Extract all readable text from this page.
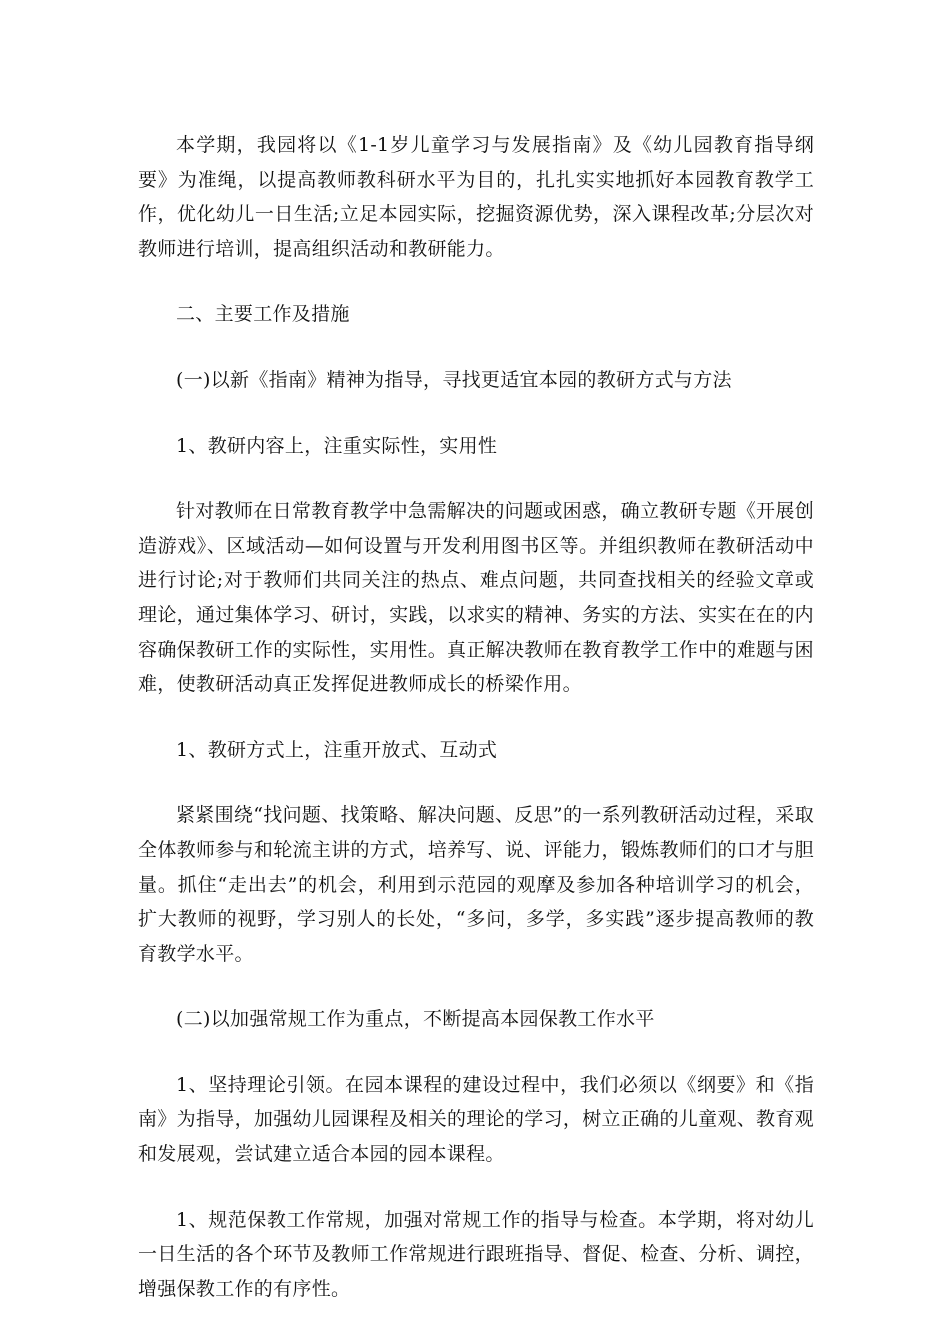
本学期，我园将以《1-1岁儿童学习与发展指南》及《幼儿园教育指导纲要》为准绳，以提高教师教科研水平为目的，扎扎实实地抓好本园教育教学工作，优化幼儿一日生活;立足本园实际，挖掘资源优势，深入课程改革;分层次对教师进行培训，提高组织活动和教研能力。

二、主要工作及措施

(一)以新《指南》精神为指导，寻找更适宜本园的教研方式与方法

1、教研内容上，注重实际性，实用性

针对教师在日常教育教学中急需解决的问题或困惑，确立教研专题《开展创造游戏》、区域活动—如何设置与开发利用图书区等。并组织教师在教研活动中进行讨论;对于教师们共同关注的热点、难点问题，共同查找相关的经验文章或理论，通过集体学习、研讨，实践，以求实的精神、务实的方法、实实在在的内容确保教研工作的实际性，实用性。真正解决教师在教育教学工作中的难题与困难，使教研活动真正发挥促进教师成长的桥梁作用。

1、教研方式上，注重开放式、互动式

紧紧围绕“找问题、找策略、解决问题、反思”的一系列教研活动过程，采取全体教师参与和轮流主讲的方式，培养写、说、评能力，锻炼教师们的口才与胆量。抓住“走出去”的机会，利用到示范园的观摩及参加各种培训学习的机会，扩大教师的视野，学习别人的长处，“多问，多学，多实践”逐步提高教师的教育教学水平。

(二)以加强常规工作为重点，不断提高本园保教工作水平

1、坚持理论引领。在园本课程的建设过程中，我们必须以《纲要》和《指南》为指导，加强幼儿园课程及相关的理论的学习，树立正确的儿童观、教育观和发展观，尝试建立适合本园的园本课程。

1、规范保教工作常规，加强对常规工作的指导与检查。本学期，将对幼儿一日生活的各个环节及教师工作常规进行跟班指导、督促、检查、分析、调控，增强保教工作的有序性。
